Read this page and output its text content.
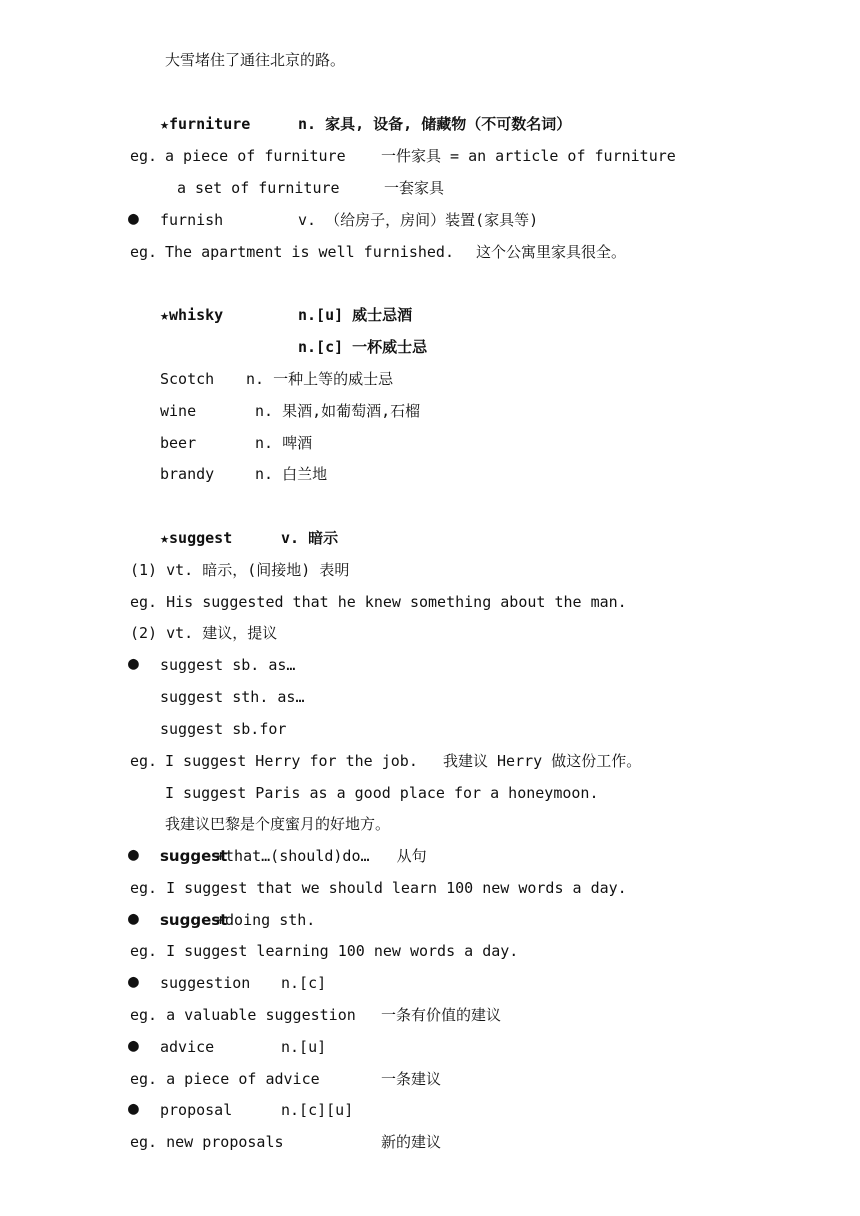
大雪堵住了通往北京的路。
★furniture	n. 家具, 设备, 储藏物（不可数名词）
eg. a piece of furniture 一件家具 = an article of furniture
a set of furniture	一套家具
● furnish	v. （给房子，房间）装置(家具等)
eg. The apartment is well furnished. 这个公寓里家具很全。
★whisky	n.[u] 威士忌酒
n.[c] 一杯威士忌
Scotch n. 一种上等的威士忌
wine	n. 果酒,如葡萄酒,石榴
beer	n. 啤酒
brandy	n. 白兰地
★suggest	v. 暗示
(1) vt. 暗示，(间接地) 表明
eg. His suggested that he knew something about the man.
(2) vt. 建议，提议
● suggest sb. as…
suggest sth. as…
suggest sb.for
eg. I suggest Herry for the job. 我建议 Herry 做这份工作。
I suggest Paris as a good place for a honeymoon.
我建议巴黎是个度蜜月的好地方。
● suggest
+that…(should)do…   从句
eg. I suggest that we should learn 100 new words a day.
● suggest
+doing sth.
eg. I suggest learning 100 new words a day.
● suggestion n.[c]
eg. a valuable suggestion 一条有价值的建议
● advice	n.[u]
eg. a piece of advice	一条建议
● proposal	n.[c][u]
eg. new proposals	新的建议
